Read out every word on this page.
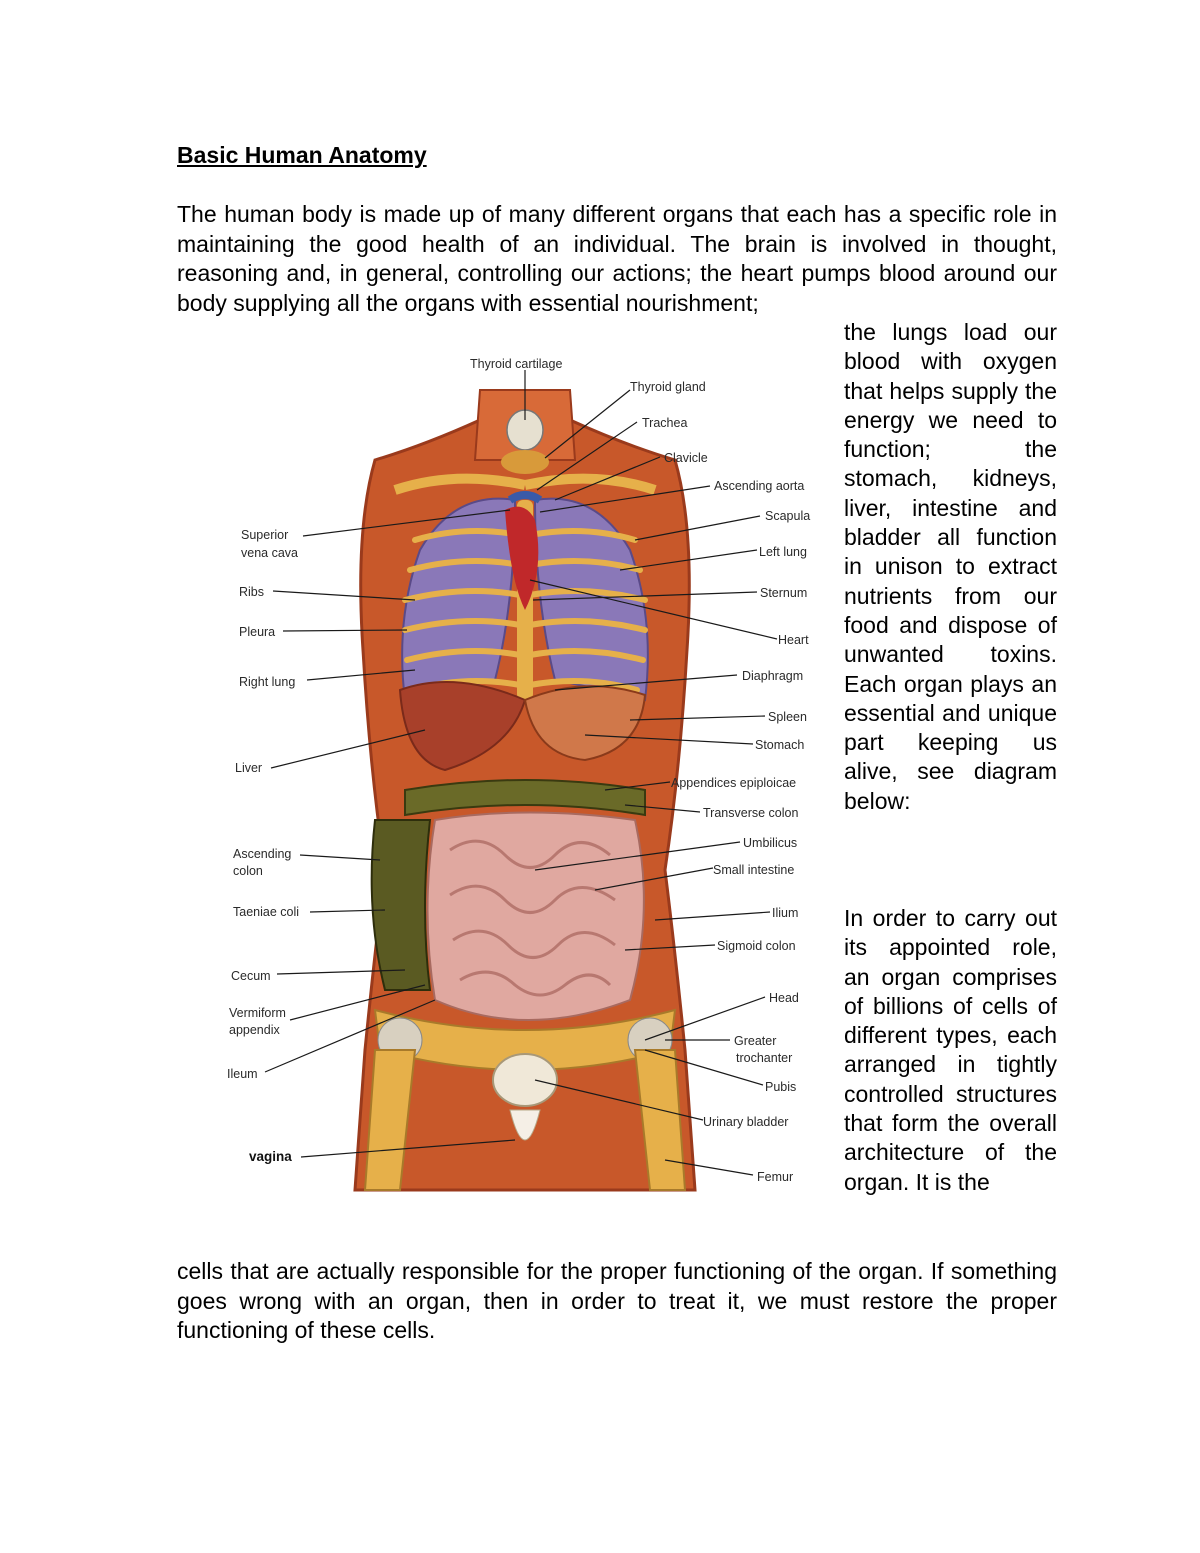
Basic Human Anatomy

The human body is made up of many different organs that each has a specific role in maintaining the good health of an individual. The brain is involved in thought, reasoning and, in general, controlling our actions; the heart pumps blood around our body supplying all the organs with essential nourishment;

the lungs load our blood with oxygen that helps supply the energy we need to function; the stomach, kidneys, liver, intestine and bladder all function in unison to extract nutrients from our food and dispose of unwanted toxins. Each organ plays an essential and unique part keeping us alive, see diagram below:

In order to carry out its appointed role, an organ comprises of billions of cells of different types, each arranged in tightly controlled structures that form the overall architecture of the organ. It is the

cells that are actually responsible for the proper functioning of the organ. If something goes wrong with an organ, then in order to treat it, we must restore the proper functioning of these cells.

Thyroid cartilage
Thyroid gland
Trachea
Clavicle
Ascending aorta
Scapula
Left lung
Sternum
Heart
Diaphragm
Spleen
Stomach
Appendices epiploicae
Transverse colon
Umbilicus
Small intestine
Ilium
Sigmoid colon
Head
Greater
trochanter
Pubis
Urinary bladder
Femur
Superior
vena cava
Ribs
Pleura
Right lung
Liver
Ascending
colon
Taeniae coli
Cecum
Vermiform
appendix
Ileum
vagina
